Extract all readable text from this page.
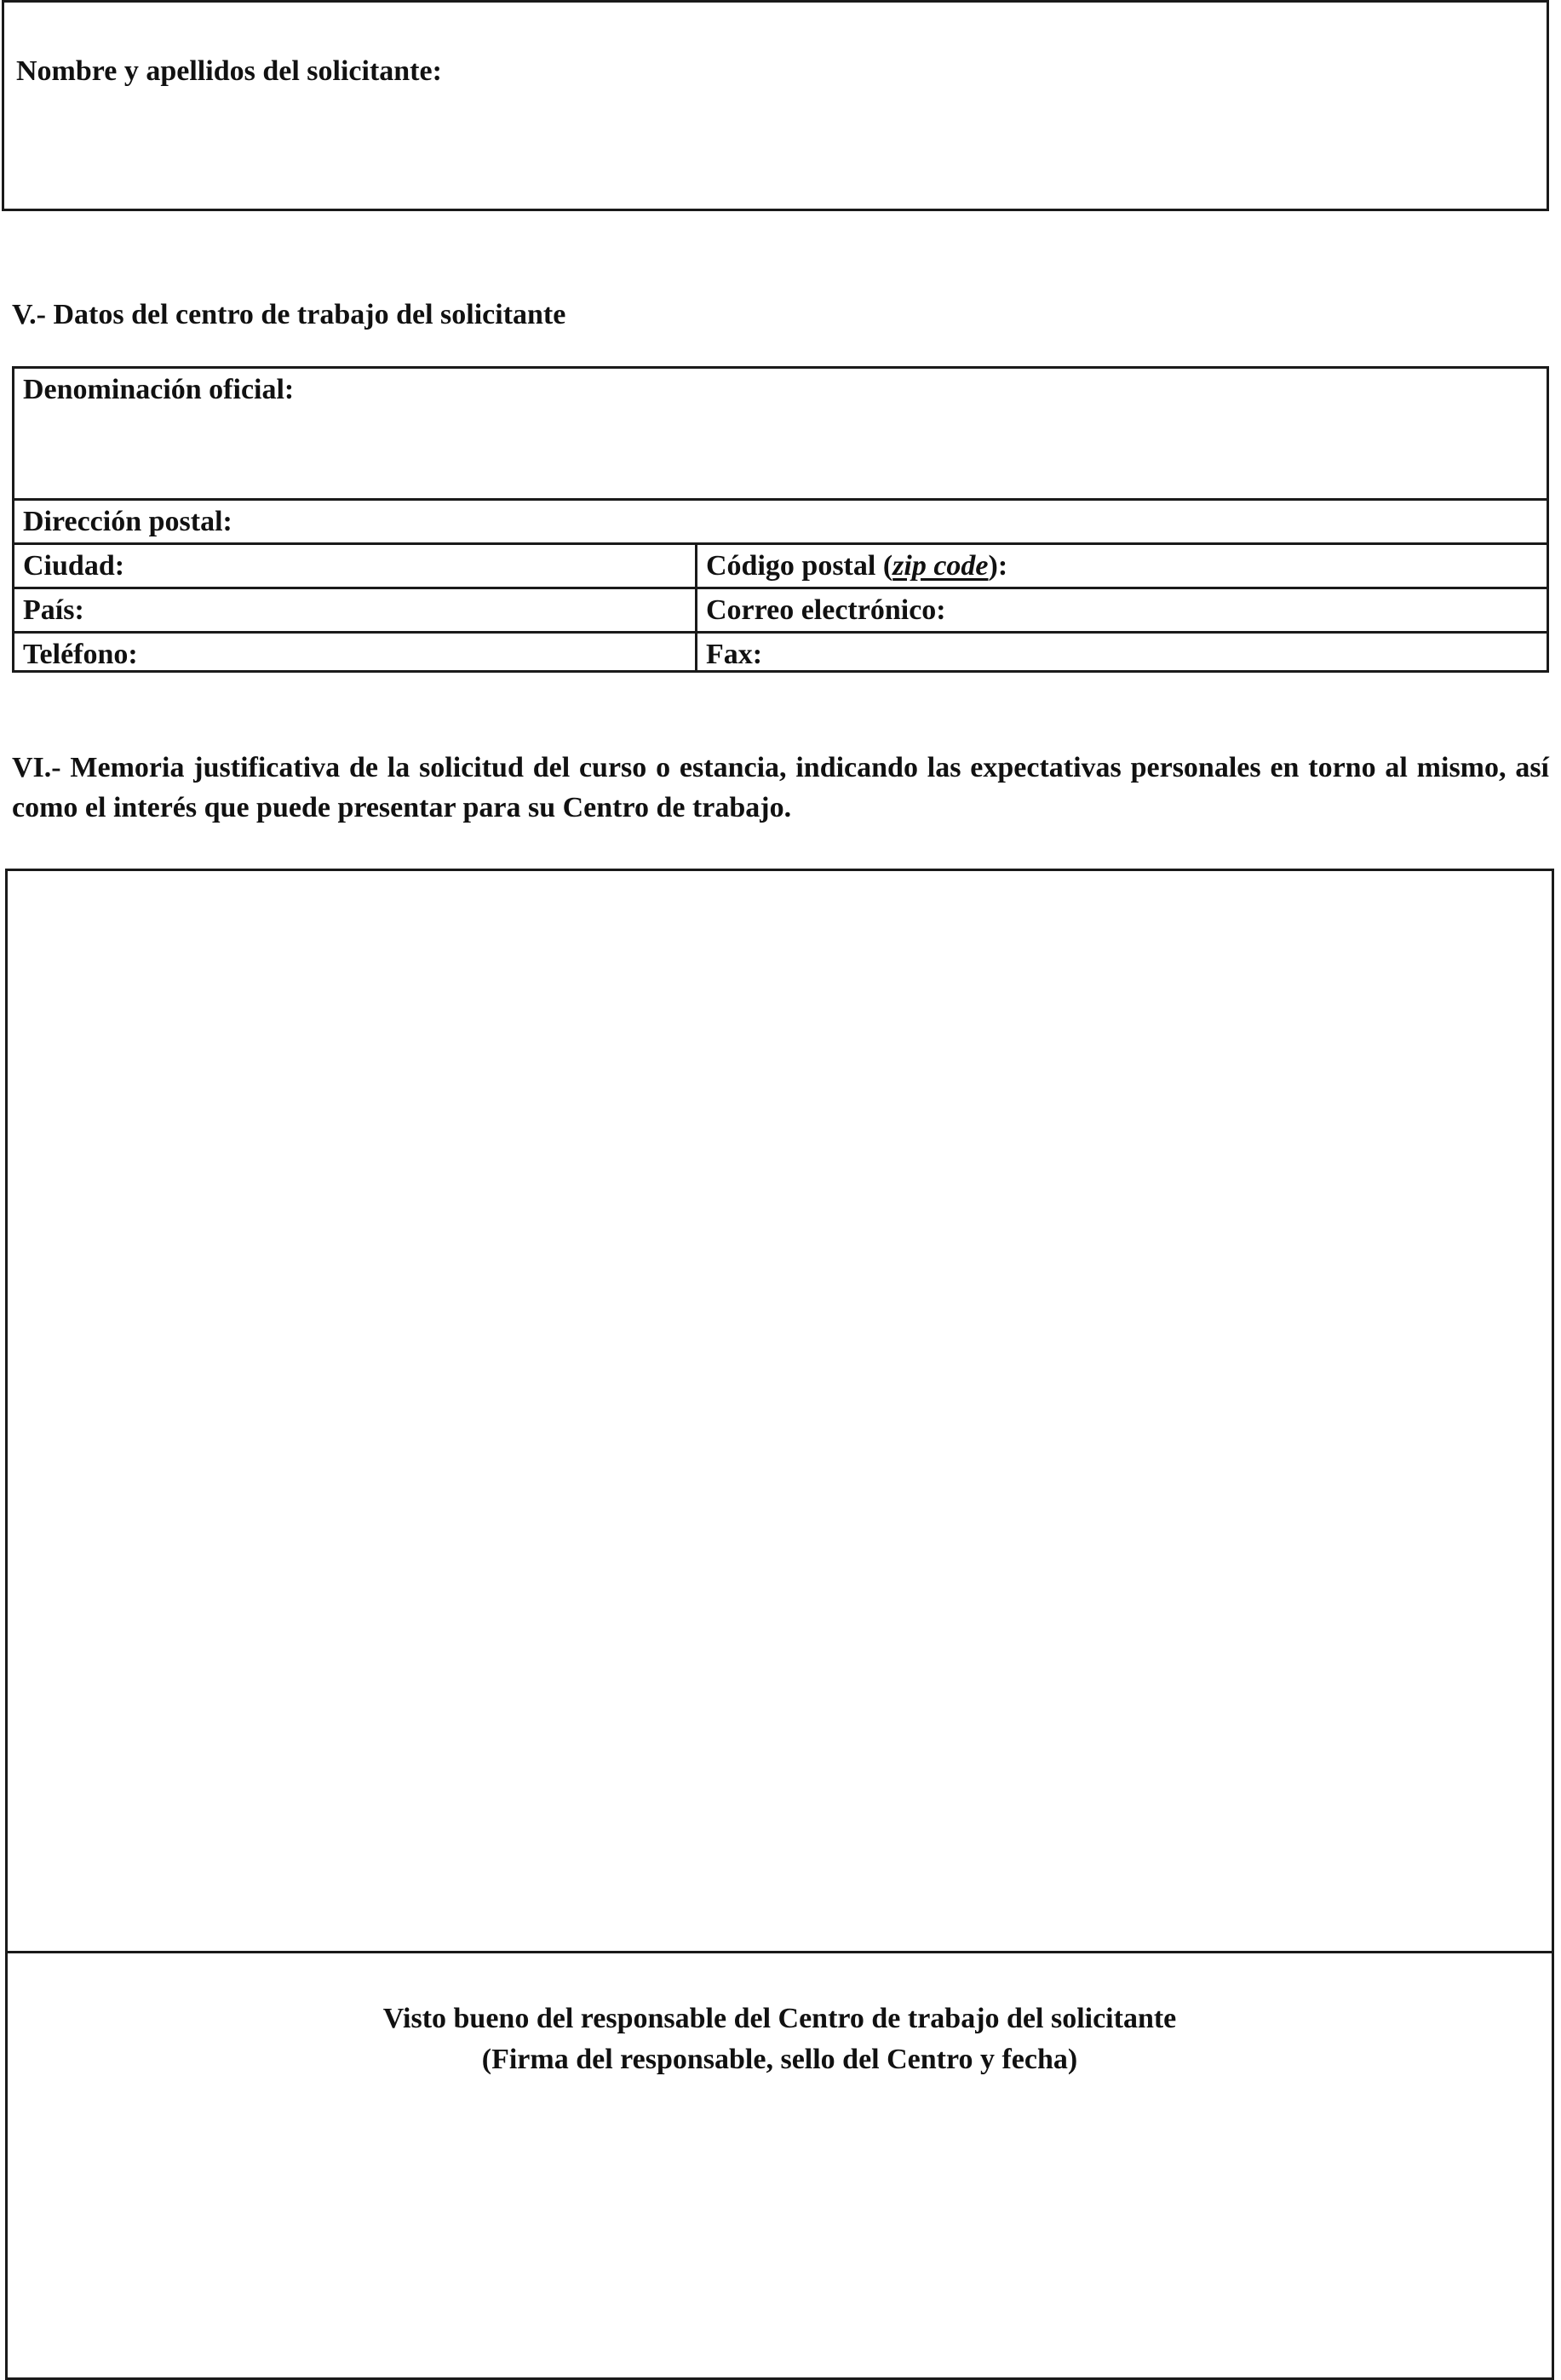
Nombre y apellidos del solicitante:
V.- Datos del centro de trabajo del solicitante
Denominación oficial:
Dirección postal:
Ciudad:	Código postal (zip code):
País:	Correo electrónico:
Teléfono:	Fax:
VI.- Memoria justificativa de la solicitud del curso o estancia, indicando las expectativas personales en torno al mismo, así como el interés que puede presentar para su Centro de trabajo.
Visto bueno del responsable del Centro de trabajo del solicitante
(Firma del responsable, sello del Centro y fecha)
